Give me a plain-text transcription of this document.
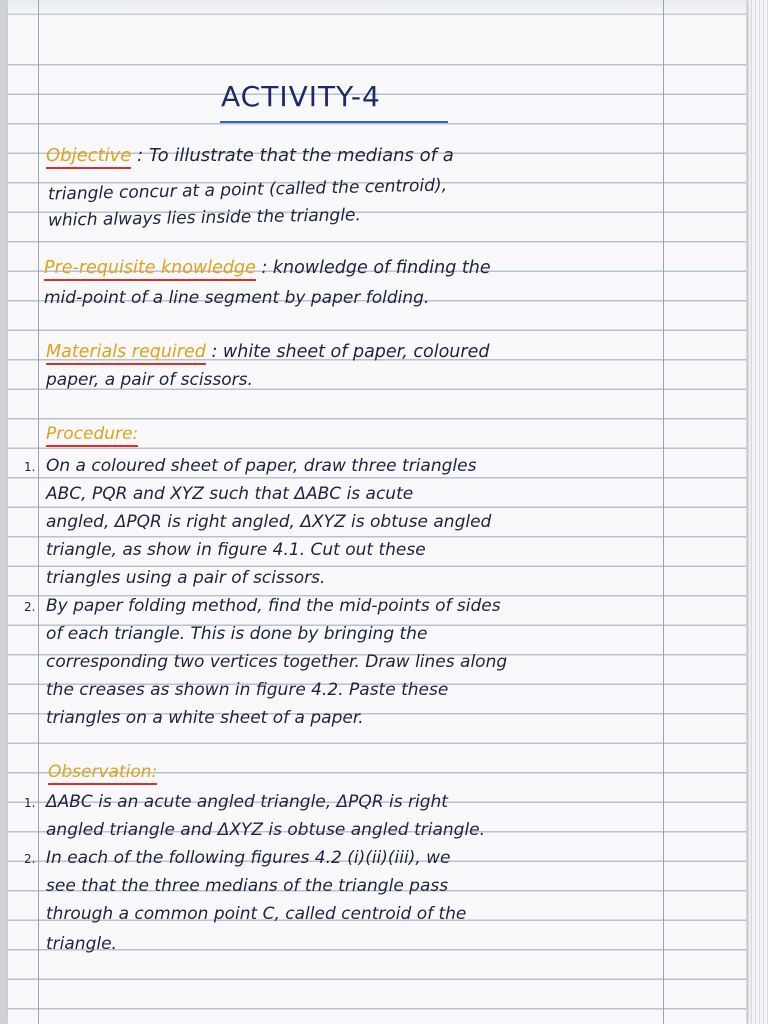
ACTIVITY-4

Objective : To illustrate that the medians of a

triangle concur at a point (called the centroid),

which always lies inside the triangle.

Pre-requisite knowledge : knowledge of finding the

mid-point of a line segment by paper folding.

Materials required : white sheet of paper, coloured

paper, a pair of scissors.

Procedure:

1. On a coloured sheet of paper, draw three triangles

ABC, PQR and XYZ such that ΔABC is acute

angled, ΔPQR is right angled, ΔXYZ is obtuse angled

triangle, as show in figure 4.1. Cut out these

triangles using a pair of scissors.

2. By paper folding method, find the mid-points of sides

of each triangle. This is done by bringing the

corresponding two vertices together. Draw lines along

the creases as shown in figure 4.2. Paste these

triangles on a white sheet of a paper.

Observation:

1. ΔABC is an acute angled triangle, ΔPQR is right

angled triangle and ΔXYZ is obtuse angled triangle.

2. In each of the following figures 4.2 (i)(ii)(iii), we

see that the three medians of the triangle pass

through a common point C, called centroid of the

triangle.
